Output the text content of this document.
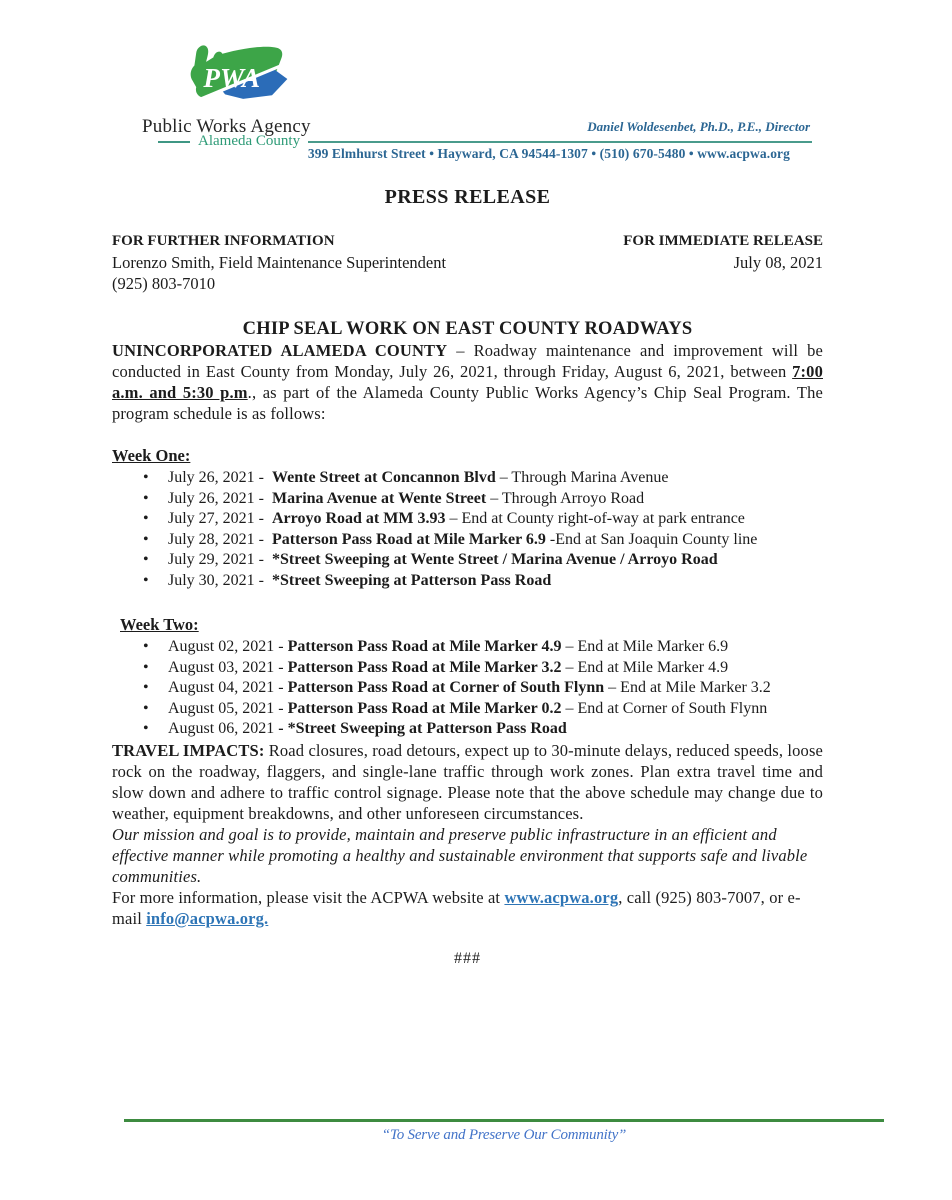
PWA
Public Works Agency
Alameda County
Daniel Woldesenbet, Ph.D., P.E., Director
399 Elmhurst Street • Hayward, CA 94544-1307 • (510) 670-5480 • www.acpwa.org
PRESS RELEASE
FOR FURTHER INFORMATION
Lorenzo Smith, Field Maintenance Superintendent
(925) 803-7010
FOR IMMEDIATE RELEASE
July 08, 2021
CHIP SEAL WORK ON EAST COUNTY ROADWAYS

UNINCORPORATED ALAMEDA COUNTY – Roadway maintenance and improvement will be conducted in East County from Monday, July 26, 2021, through Friday, August 6, 2021, between 7:00 a.m. and 5:30 p.m., as part of the Alameda County Public Works Agency’s Chip Seal Program. The program schedule is as follows:

Week One:
• July 26, 2021 - Wente Street at Concannon Blvd – Through Marina Avenue
• July 26, 2021 - Marina Avenue at Wente Street – Through Arroyo Road
• July 27, 2021 - Arroyo Road at MM 3.93 – End at County right-of-way at park entrance
• July 28, 2021 - Patterson Pass Road at Mile Marker 6.9 -End at San Joaquin County line
• July 29, 2021 - *Street Sweeping at Wente Street / Marina Avenue / Arroyo Road
• July 30, 2021 - *Street Sweeping at Patterson Pass Road
Week Two:
• August 02, 2021 - Patterson Pass Road at Mile Marker 4.9 – End at Mile Marker 6.9
• August 03, 2021 - Patterson Pass Road at Mile Marker 3.2 – End at Mile Marker 4.9
• August 04, 2021 - Patterson Pass Road at Corner of South Flynn – End at Mile Marker 3.2
• August 05, 2021 - Patterson Pass Road at Mile Marker 0.2 – End at Corner of South Flynn
• August 06, 2021 - *Street Sweeping at Patterson Pass Road

TRAVEL IMPACTS: Road closures, road detours, expect up to 30-minute delays, reduced speeds, loose rock on the roadway, flaggers, and single-lane traffic through work zones. Plan extra travel time and slow down and adhere to traffic control signage. Please note that the above schedule may change due to weather, equipment breakdowns, and other unforeseen circumstances.

Our mission and goal is to provide, maintain and preserve public infrastructure in an efficient and effective manner while promoting a healthy and sustainable environment that supports safe and livable communities.

For more information, please visit the ACPWA website at www.acpwa.org, call (925) 803-7007, or e-mail info@acpwa.org.

###
“To Serve and Preserve Our Community”
